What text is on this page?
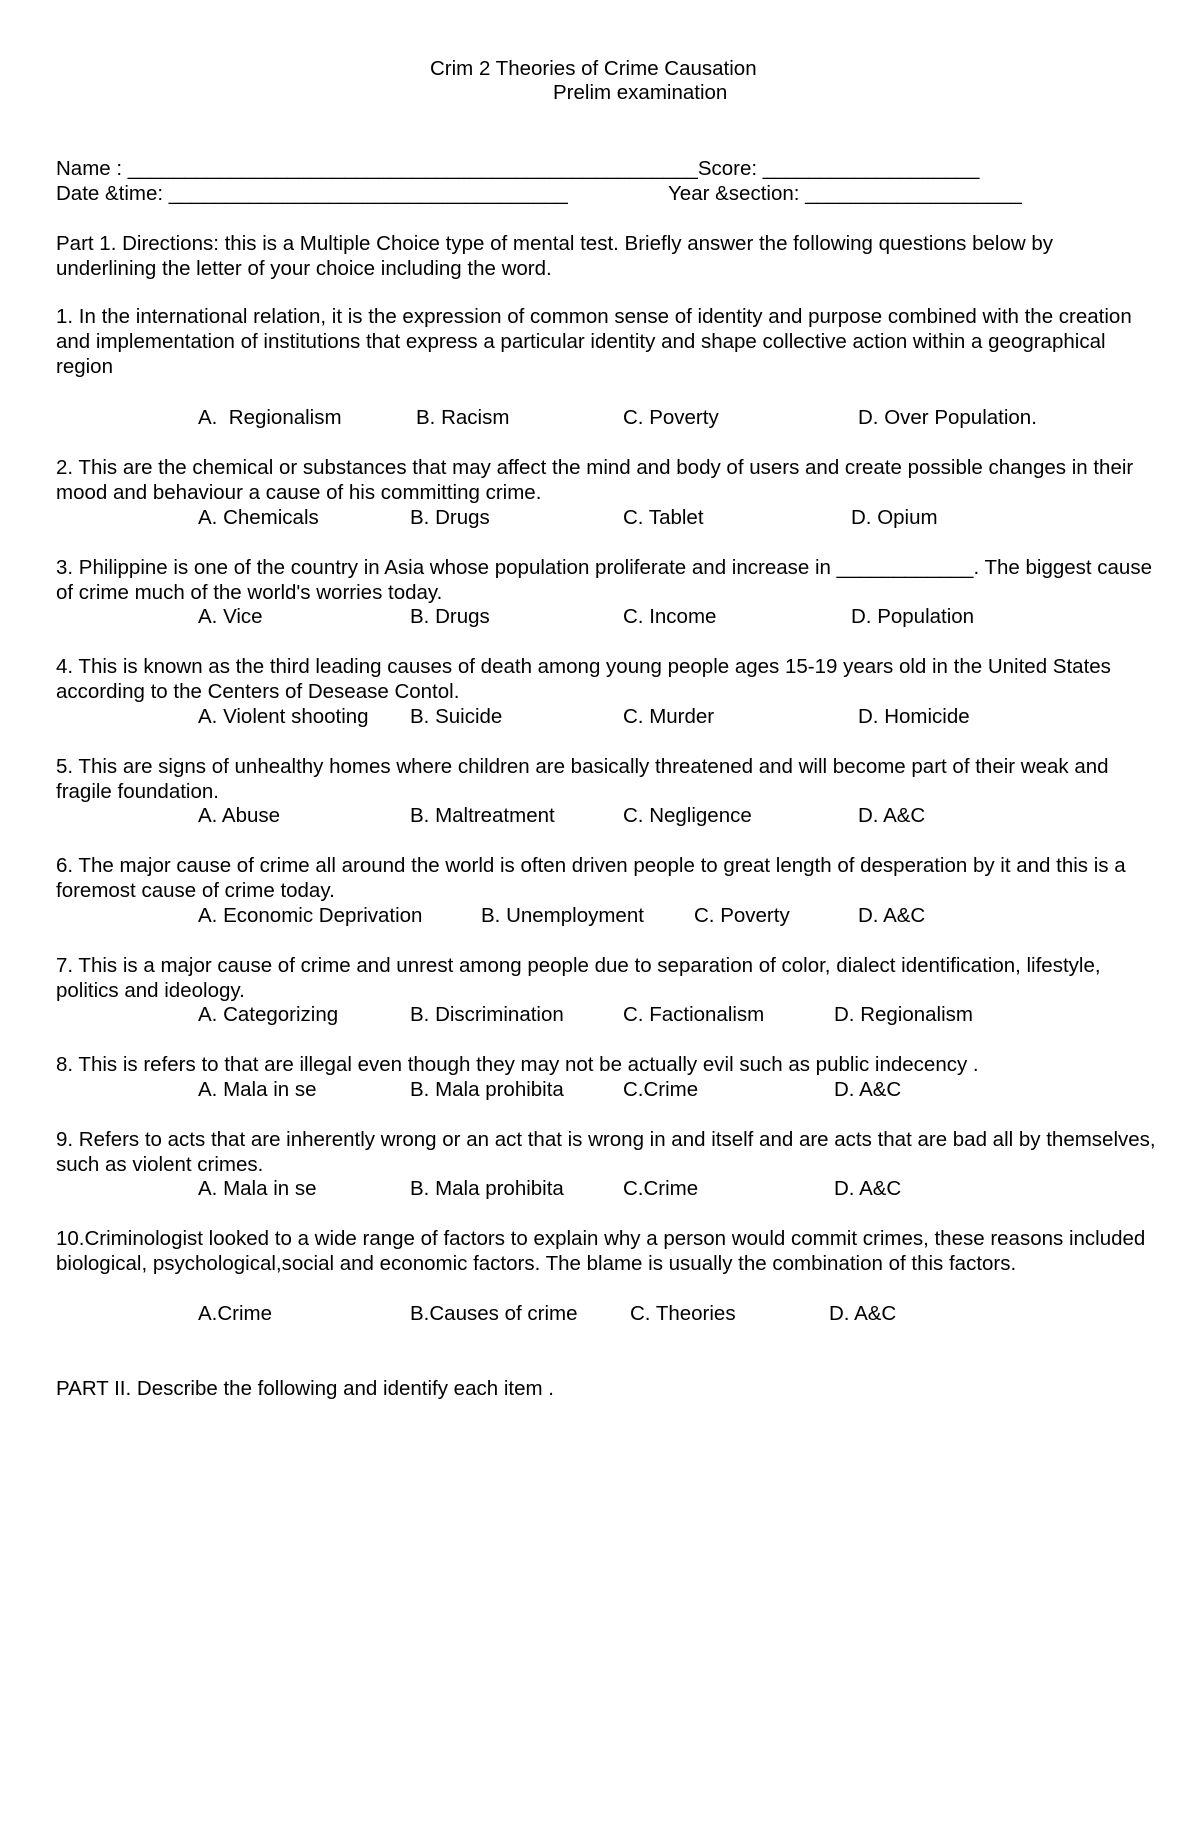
Crim 2 Theories of Crime Causation
Prelim examination
Name : __________________________________________________Score: ___________________
Date &time: ___________________________________	Year &section: ___________________
Part 1. Directions: this is a Multiple Choice type of mental test. Briefly answer the following questions below by underlining the letter of your choice including the word.
1. In the international relation, it is the expression of common sense of identity and purpose combined with the creation and implementation of institutions that express a particular identity and shape collective action within a geographical region
A.  Regionalism	B. Racism	C. Poverty	D. Over Population.
2. This are the chemical or substances that may affect the mind and body of users and create possible changes in their mood and behaviour a cause of his committing crime.
A. Chemicals	B. Drugs	C. Tablet	D. Opium
3. Philippine is one of the country in Asia whose population proliferate and increase in ____________. The biggest cause of crime much of the world's worries today.
A. Vice	B. Drugs	C. Income	D. Population
4. This is known as the third leading causes of death among young people ages 15-19 years old in the United States according to the Centers of Desease Contol.
A. Violent shooting B. Suicide	C. Murder	D. Homicide
5. This are signs of unhealthy homes where children are basically threatened and will become part of their weak and fragile foundation.
A. Abuse	B. Maltreatment	C. Negligence	D. A&C
6. The major cause of crime all around the world is often driven people to great length of desperation by it and this is a foremost cause of crime today.
A. Economic Deprivation	B. Unemployment C. Poverty	D. A&C
7. This is a major cause of crime and unrest among people due to separation of color, dialect identification, lifestyle, politics and ideology.
A. Categorizing	B. Discrimination	C. Factionalism	D. Regionalism
8. This is refers to that are illegal even though they may not be actually evil such as public indecency .
A. Mala in se	B. Mala prohibita	C.Crime	D. A&C
9. Refers to acts that are inherently wrong or an act that is wrong in and itself and are acts that are bad all by themselves, such as violent crimes.
A. Mala in se	B. Mala prohibita	C.Crime	D. A&C
10.Criminologist looked to a wide range of factors to explain why a person would commit crimes, these reasons included biological, psychological,social and economic factors. The blame is usually the combination of this factors.
A.Crime	B.Causes of crime	C. Theories	D. A&C
PART II. Describe the following and identify each item .
